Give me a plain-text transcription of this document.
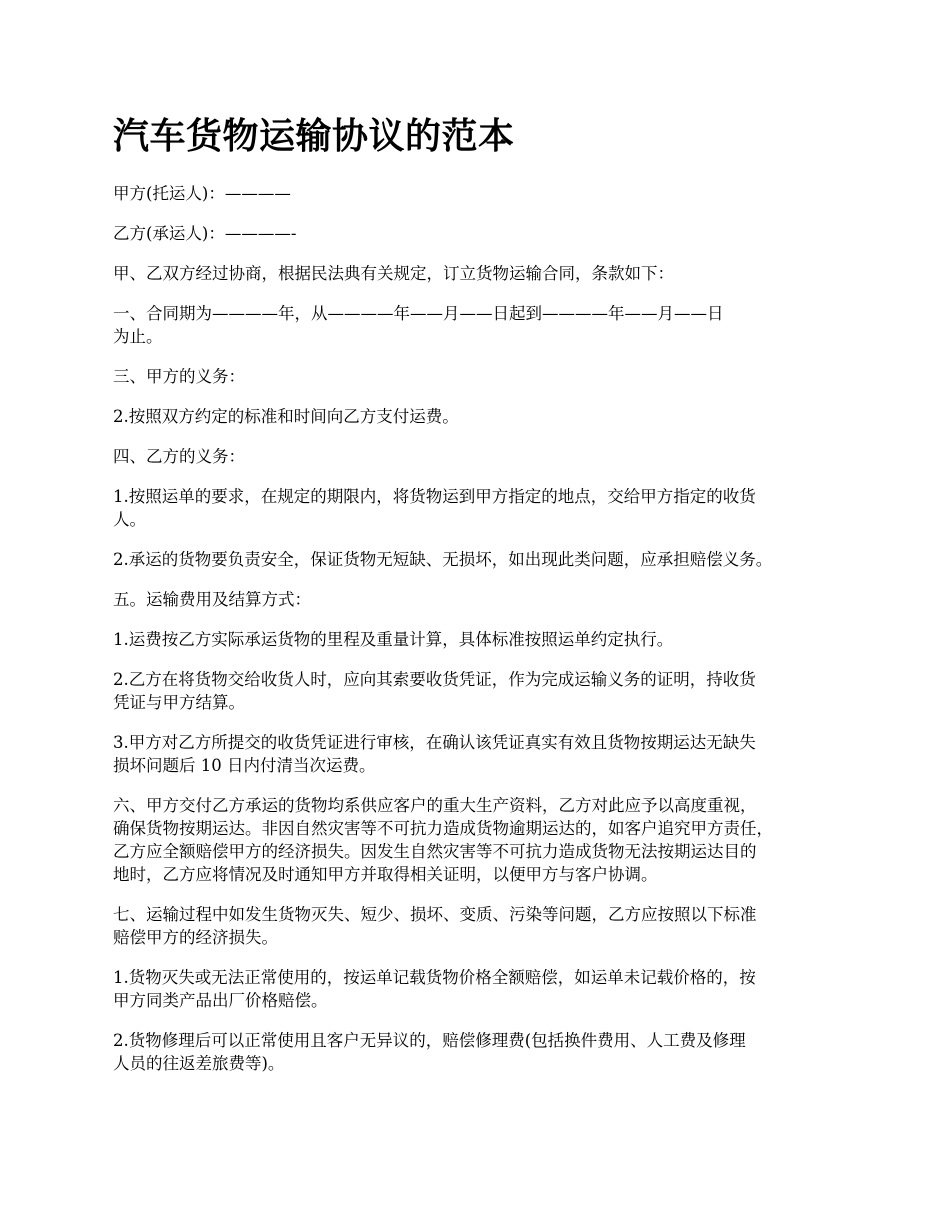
汽车货物运输协议的范本

甲方(托运人)：————

乙方(承运人)：————-

甲、乙双方经过协商，根据民法典有关规定，订立货物运输合同，条款如下：

一、合同期为————年，从————年——月——日起到————年——月——日
为止。

三、甲方的义务：

2.按照双方约定的标准和时间向乙方支付运费。

四、乙方的义务：

1.按照运单的要求，在规定的期限内，将货物运到甲方指定的地点，交给甲方指定的收货
人。

2.承运的货物要负责安全，保证货物无短缺、无损坏，如出现此类问题，应承担赔偿义务。

五。运输费用及结算方式：

1.运费按乙方实际承运货物的里程及重量计算，具体标准按照运单约定执行。

2.乙方在将货物交给收货人时，应向其索要收货凭证，作为完成运输义务的证明，持收货
凭证与甲方结算。

3.甲方对乙方所提交的收货凭证进行审核，在确认该凭证真实有效且货物按期运达无缺失
损坏问题后 10 日内付清当次运费。

六、甲方交付乙方承运的货物均系供应客户的重大生产资料，乙方对此应予以高度重视，
确保货物按期运达。非因自然灾害等不可抗力造成货物逾期运达的，如客户追究甲方责任，
乙方应全额赔偿甲方的经济损失。因发生自然灾害等不可抗力造成货物无法按期运达目的
地时，乙方应将情况及时通知甲方并取得相关证明，以便甲方与客户协调。

七、运输过程中如发生货物灭失、短少、损坏、变质、污染等问题，乙方应按照以下标准
赔偿甲方的经济损失。

1.货物灭失或无法正常使用的，按运单记载货物价格全额赔偿，如运单未记载价格的，按
甲方同类产品出厂价格赔偿。

2.货物修理后可以正常使用且客户无异议的，赔偿修理费(包括换件费用、人工费及修理
人员的往返差旅费等)。
